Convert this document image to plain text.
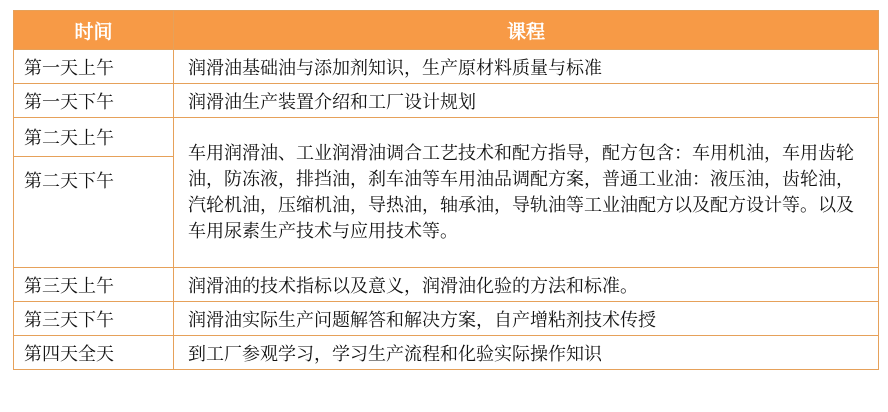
时间	课程
第一天上午	润滑油基础油与添加剂知识，生产原材料质量与标准
第一天下午	润滑油生产装置介绍和工厂设计规划
第二天上午	车用润滑油、工业润滑油调合工艺技术和配方指导，配方包含：车用机油，车用齿轮油，防冻液，排挡油，刹车油等车用油品调配方案，普通工业油：液压油，齿轮油，汽轮机油，压缩机油，导热油，轴承油，导轨油等工业油配方以及配方设计等。以及车用尿素生产技术与应用技术等。
第二天下午	
第三天上午	润滑油的技术指标以及意义，润滑油化验的方法和标准。
第三天下午	润滑油实际生产问题解答和解决方案，自产增粘剂技术传授
第四天全天	到工厂参观学习，学习生产流程和化验实际操作知识
